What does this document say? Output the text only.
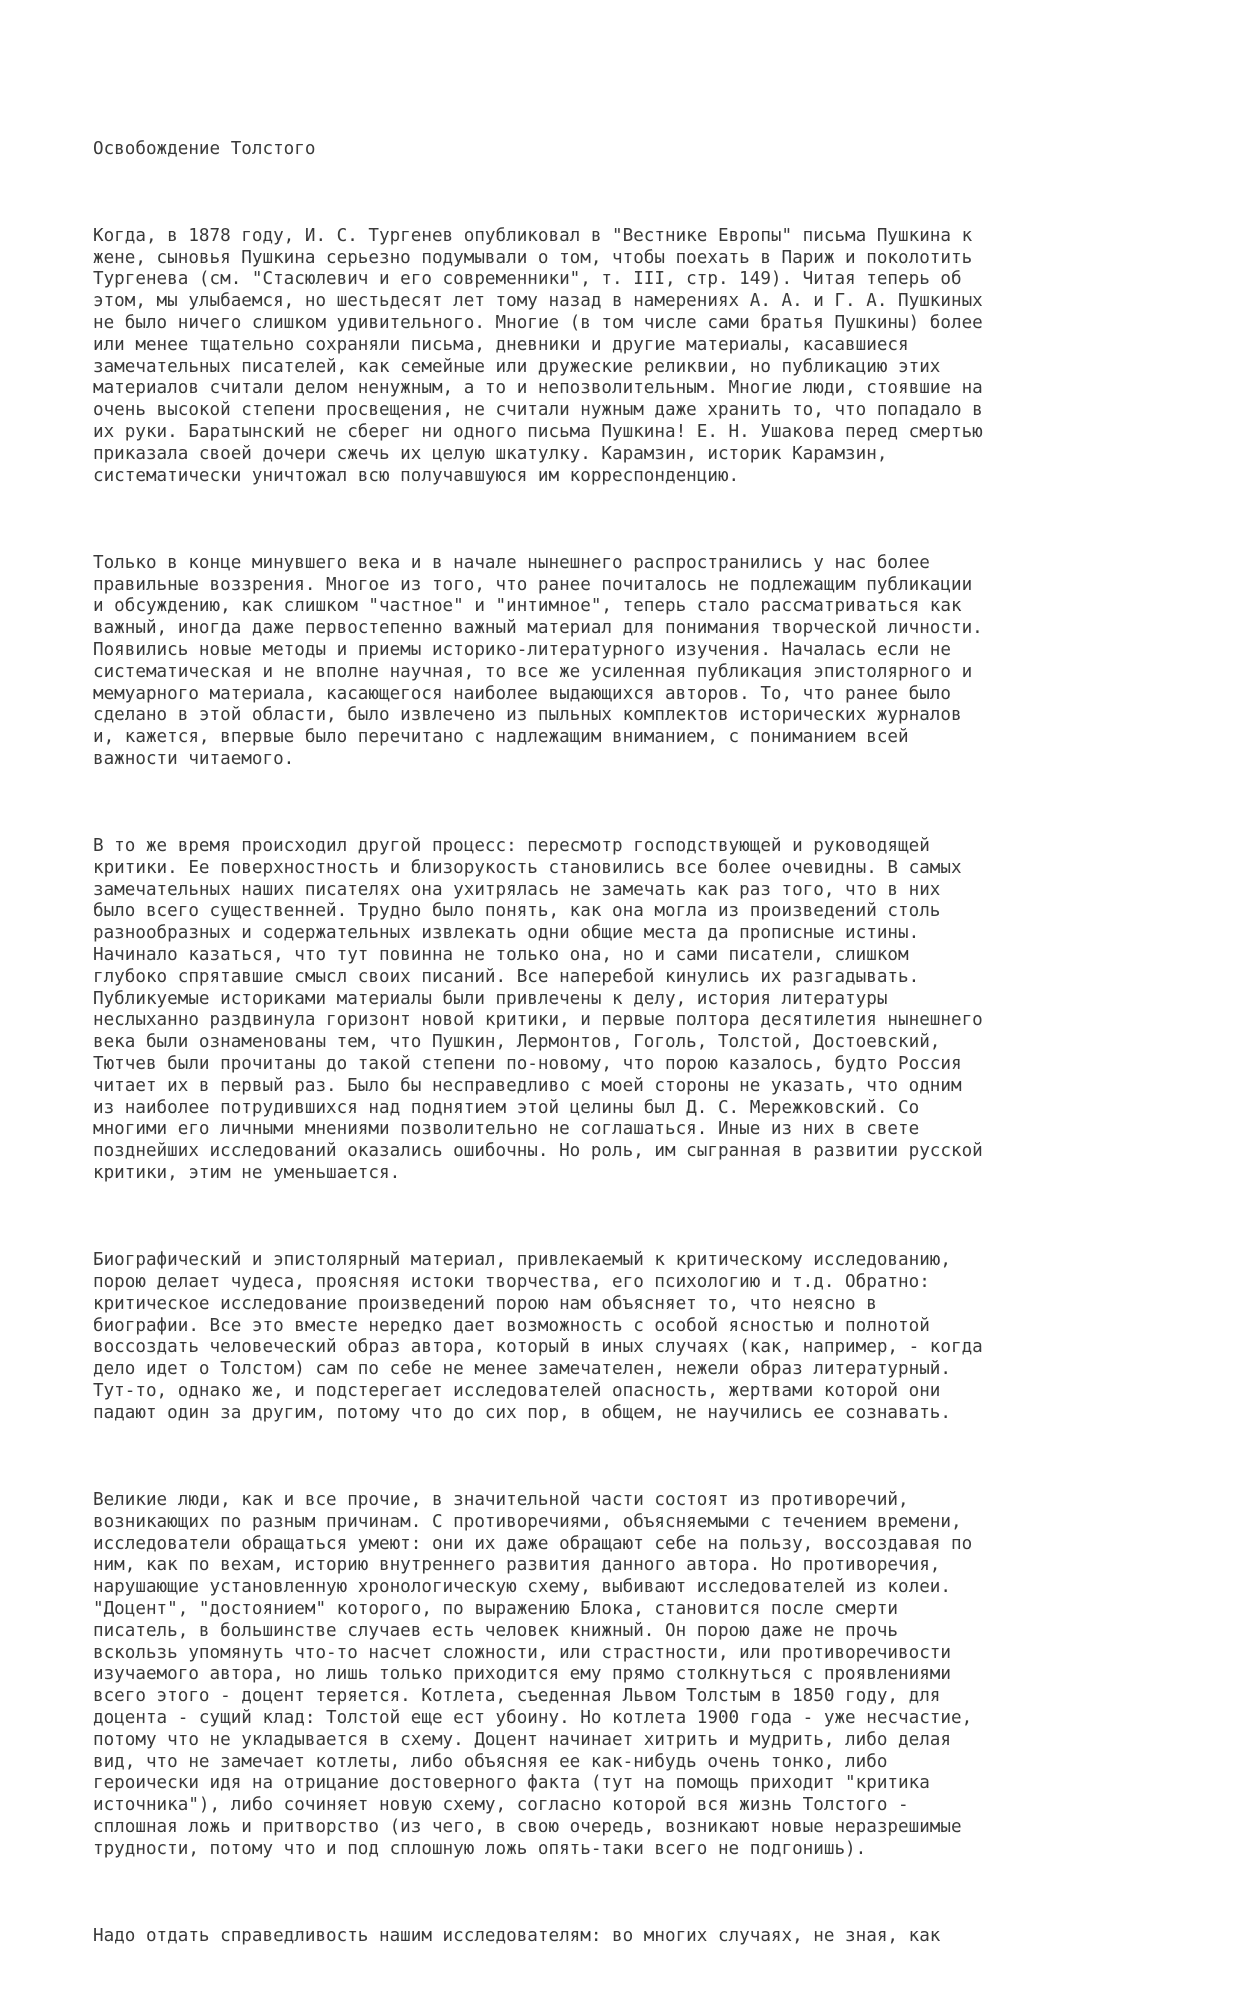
Освобождение Толстого

Когда, в 1878 году, И. С. Тургенев опубликовал в "Вестнике Европы" письма Пушкина к
жене, сыновья Пушкина серьезно подумывали о том, чтобы поехать в Париж и поколотить
Тургенева (см. "Стасюлевич и его современники", т. III, стр. 149). Читая теперь об
этом, мы улыбаемся, но шестьдесят лет тому назад в намерениях А. А. и Г. А. Пушкиных
не было ничего слишком удивительного. Многие (в том числе сами братья Пушкины) более
или менее тщательно сохраняли письма, дневники и другие материалы, касавшиеся
замечательных писателей, как семейные или дружеские реликвии, но публикацию этих
материалов считали делом ненужным, а то и непозволительным. Многие люди, стоявшие на
очень высокой степени просвещения, не считали нужным даже хранить то, что попадало в
их руки. Баратынский не сберег ни одного письма Пушкина! Е. Н. Ушакова перед смертью
приказала своей дочери сжечь их целую шкатулку. Карамзин, историк Карамзин,
систематически уничтожал всю получавшуюся им корреспонденцию.

Только в конце минувшего века и в начале нынешнего распространились у нас более
правильные воззрения. Многое из того, что ранее почиталось не подлежащим публикации
и обсуждению, как слишком "частное" и "интимное", теперь стало рассматриваться как
важный, иногда даже первостепенно важный материал для понимания творческой личности.
Появились новые методы и приемы историко-литературного изучения. Началась если не
систематическая и не вполне научная, то все же усиленная публикация эпистолярного и
мемуарного материала, касающегося наиболее выдающихся авторов. То, что ранее было
сделано в этой области, было извлечено из пыльных комплектов исторических журналов
и, кажется, впервые было перечитано с надлежащим вниманием, с пониманием всей
важности читаемого.

В то же время происходил другой процесс: пересмотр господствующей и руководящей
критики. Ее поверхностность и близорукость становились все более очевидны. В самых
замечательных наших писателях она ухитрялась не замечать как раз того, что в них
было всего существенней. Трудно было понять, как она могла из произведений столь
разнообразных и содержательных извлекать одни общие места да прописные истины.
Начинало казаться, что тут повинна не только она, но и сами писатели, слишком
глубоко спрятавшие смысл своих писаний. Все наперебой кинулись их разгадывать.
Публикуемые историками материалы были привлечены к делу, история литературы
неслыханно раздвинула горизонт новой критики, и первые полтора десятилетия нынешнего
века были ознаменованы тем, что Пушкин, Лермонтов, Гоголь, Толстой, Достоевский,
Тютчев были прочитаны до такой степени по-новому, что порою казалось, будто Россия
читает их в первый раз. Было бы несправедливо с моей стороны не указать, что одним
из наиболее потрудившихся над поднятием этой целины был Д. С. Мережковский. Со
многими его личными мнениями позволительно не соглашаться. Иные из них в свете
позднейших исследований оказались ошибочны. Но роль, им сыгранная в развитии русской
критики, этим не уменьшается.

Биографический и эпистолярный материал, привлекаемый к критическому исследованию,
порою делает чудеса, проясняя истоки творчества, его психологию и т.д. Обратно:
критическое исследование произведений порою нам объясняет то, что неясно в
биографии. Все это вместе нередко дает возможность с особой ясностью и полнотой
воссоздать человеческий образ автора, который в иных случаях (как, например, - когда
дело идет о Толстом) сам по себе не менее замечателен, нежели образ литературный.
Тут-то, однако же, и подстерегает исследователей опасность, жертвами которой они
падают один за другим, потому что до сих пор, в общем, не научились ее сознавать.

Великие люди, как и все прочие, в значительной части состоят из противоречий,
возникающих по разным причинам. С противоречиями, объясняемыми с течением времени,
исследователи обращаться умеют: они их даже обращают себе на пользу, воссоздавая по
ним, как по вехам, историю внутреннего развития данного автора. Но противоречия,
нарушающие установленную хронологическую схему, выбивают исследователей из колеи.
"Доцент", "достоянием" которого, по выражению Блока, становится после смерти
писатель, в большинстве случаев есть человек книжный. Он порою даже не прочь
вскользь упомянуть что-то насчет сложности, или страстности, или противоречивости
изучаемого автора, но лишь только приходится ему прямо столкнуться с проявлениями
всего этого - доцент теряется. Котлета, съеденная Львом Толстым в 1850 году, для
доцента - сущий клад: Толстой еще ест убоину. Но котлета 1900 года - уже несчастие,
потому что не укладывается в схему. Доцент начинает хитрить и мудрить, либо делая
вид, что не замечает котлеты, либо объясняя ее как-нибудь очень тонко, либо
героически идя на отрицание достоверного факта (тут на помощь приходит "критика
источника"), либо сочиняет новую схему, согласно которой вся жизнь Толстого -
сплошная ложь и притворство (из чего, в свою очередь, возникают новые неразрешимые
трудности, потому что и под сплошную ложь опять-таки всего не подгонишь).

Надо отдать справедливость нашим исследователям: во многих случаях, не зная, как
